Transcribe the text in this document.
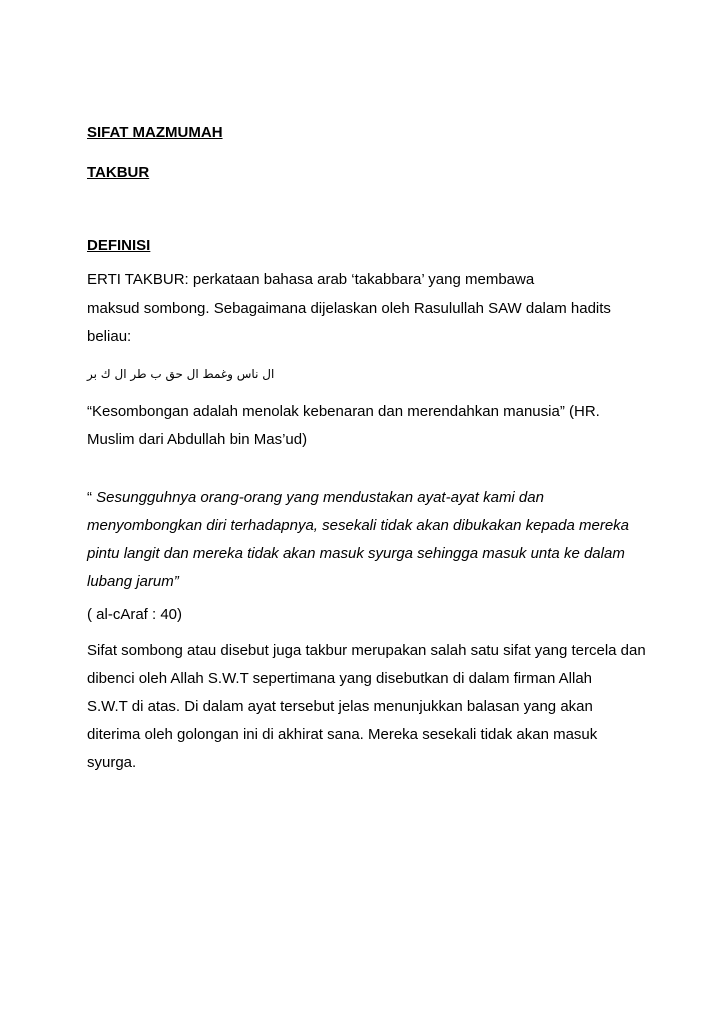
SIFAT MAZMUMAH
TAKBUR
DEFINISI
ERTI TAKBUR: perkataan bahasa arab ‘takabbara’ yang membawa
maksud sombong. Sebagaimana dijelaskan oleh Rasulullah SAW dalam hadits
beliau:
ال ناس وغمط ال حق ب طر ال ك بر
“Kesombongan adalah menolak kebenaran dan merendahkan manusia” (HR.
Muslim dari Abdullah bin Mas’ud)
“ Sesungguhnya orang-orang yang mendustakan ayat-ayat kami dan
menyombongkan diri terhadapnya, sesekali tidak akan dibukakan kepada mereka
pintu langit dan mereka tidak akan masuk syurga sehingga masuk unta ke dalam
lubang jarum”
( al-cAraf : 40)
Sifat sombong atau disebut juga takbur merupakan salah satu sifat yang tercela dan
dibenci oleh Allah S.W.T sepertimana yang disebutkan di dalam firman Allah
S.W.T di atas. Di dalam ayat tersebut jelas menunjukkan balasan yang akan
diterima oleh golongan ini di akhirat sana. Mereka sesekali tidak akan masuk
syurga.
